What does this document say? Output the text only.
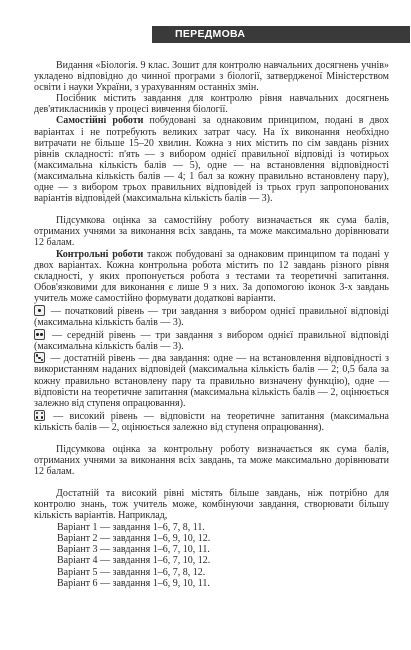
ПЕРЕДМОВА

Видання «Біологія. 9 клас. Зошит для контролю навчальних досягнень учнів» укладено відповідно до чинної програми з біології, затвердженої Міністерством освіти і науки України, з урахуванням останніх змін.

Посібник містить завдання для контролю рівня навчальних досягнень дев'ятикласників у процесі вивчення біології.

Самостійні роботи побудовані за однаковим принципом, подані в двох варіантах і не потребують великих затрат часу. На їх виконання необхідно витрачати не більше 15–20 хвилин. Кожна з них містить по сім завдань різних рівнів складності: п'ять — з вибором однієї правильної відповіді із чотирьох (максимальна кількість балів — 5), одне — на встановлення відповідності (максимальна кількість балів — 4; 1 бал за кожну правильно встановлену пару), одне — з вибором трьох правильних відповідей із трьох груп запропонованих варіантів відповідей (максимальна кількість балів — 3).

Підсумкова оцінка за самостійну роботу визначається як сума балів, отриманих учнями за виконання всіх завдань, та може максимально дорівнювати 12 балам.

Контрольні роботи також побудовані за однаковим принципом та подані у двох варіантах. Кожна контрольна робота містить по 12 завдань різного рівня складності, у яких пропонується робота з тестами та теоретичні запитання. Обов'язковими для виконання є лише 9 з них. За допомогою іконок 3-х завдань учитель може самостійно формувати додаткові варіанти.

— початковий рівень — три завдання з вибором однієї правильної відповіді (максимальна кількість балів — 3).

— середній рівень — три завдання з вибором однієї правильної відповіді (максимальна кількість балів — 3).

— достатній рівень — два завдання: одне — на встановлення відповідності з використанням наданих відповідей (максимальна кількість балів — 2; 0,5 бала за кожну правильно встановлену пару та правильно визначену функцію), одне — відповісти на теоретичне запитання (максимальна кількість балів — 2, оцінюється залежно від ступеня опрацювання).

— високий рівень — відповісти на теоретичне запитання (максимальна кількість балів — 2, оцінюється залежно від ступеня опрацювання).

Підсумкова оцінка за контрольну роботу визначається як сума балів, отриманих учнями за виконання всіх завдань, та може максимально дорівнювати 12 балам.

Достатній та високий рівні містять більше завдань, ніж потрібно для контролю знань, тож учитель може, комбінуючи завдання, створювати більшу кількість варіантів. Наприклад,

Варіант 1 — завдання 1–6, 7, 8, 11.
Варіант 2 — завдання 1–6, 9, 10, 12.
Варіант 3 — завдання 1–6, 7, 10, 11.
Варіант 4 — завдання 1–6, 7, 10, 12.
Варіант 5 — завдання 1–6, 7, 8, 12.
Варіант 6 — завдання 1–6, 9, 10, 11.
